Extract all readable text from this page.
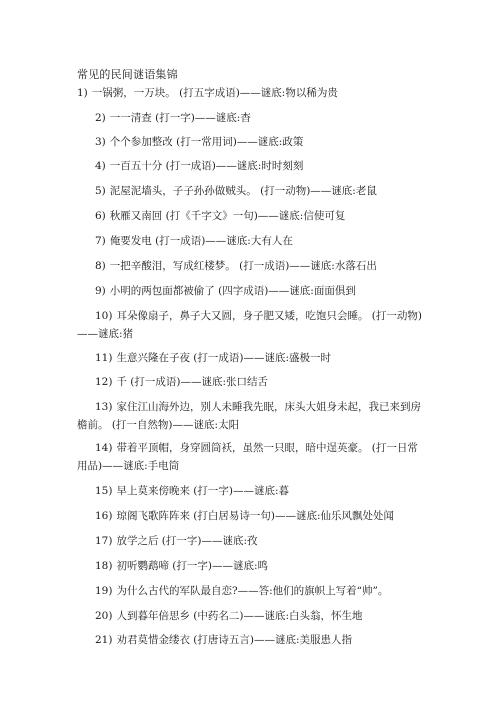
常见的民间谜语集锦
1) 一锅粥，一万块。 (打五字成语)——谜底:物以稀为贵
2) 一一清查 (打一字)——谜底:杳
3) 个个参加整改 (打一常用词)——谜底:政策
4) 一百五十分 (打一成语)——谜底:时时刻刻
5) 泥屋泥墙头，子子孙孙做贼头。 (打一动物)——谜底:老鼠
6) 秋雁又南回 (打《千字文》一句)——谜底:信使可复
7) 俺要发电 (打一成语)——谜底:大有人在
8) 一把辛酸泪，写成红楼梦。 (打一成语)——谜底:水落石出
9) 小明的两包面都被偷了 (四字成语)——谜底:面面俱到
10) 耳朵像扇子，鼻子大又圆，身子肥又矮，吃饱只会睡。 (打一动物)——谜底:猪
11) 生意兴隆在子夜 (打一成语)——谜底:盛极一时
12) 千 (打一成语)——谜底:张口结舌
13) 家住江山海外边，别人未睡我先眠，床头大姐身未起，我已来到房檐前。 (打一自然物)——谜底:太阳
14) 带着平顶帽，身穿圆筒袄，虽然一只眼，暗中逞英豪。 (打一日常用品)——谜底:手电筒
15) 早上莫来傍晚来 (打一字)——谜底:暮
16) 琼阁飞歌阵阵来 (打白居易诗一句)——谜底:仙乐风飘处处闻
17) 放学之后 (打一字)——谜底:孜
18) 初听鹦鹉啼 (打一字)——谜底:鸣
19) 为什么古代的军队最自恋?——答:他们的旗帜上写着“帅”。
20) 人到暮年倍思乡 (中药名二)——谜底:白头翁，怀生地
21) 劝君莫惜金缕衣 (打唐诗五言)——谜底:美服患人指
